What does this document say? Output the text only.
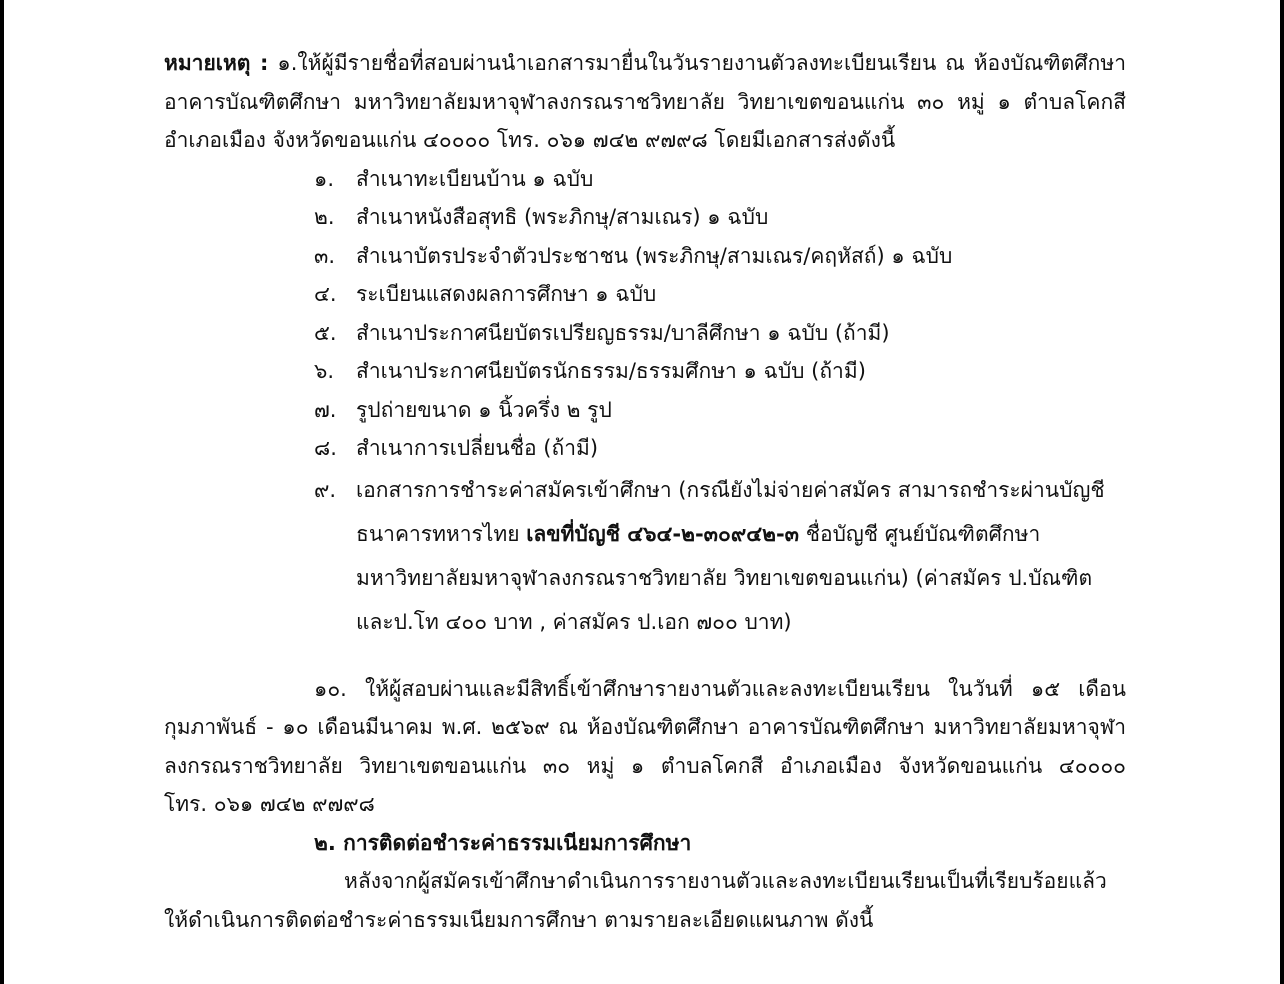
หมายเหตุ : ๑.ให้ผู้มีรายชื่อที่สอบผ่านนำเอกสารมายื่นในวันรายงานตัวลงทะเบียนเรียน ณ ห้องบัณฑิตศึกษา
อาคารบัณฑิตศึกษา มหาวิทยาลัยมหาจุฬาลงกรณราชวิทยาลัย วิทยาเขตขอนแก่น ๓๐ หมู่ ๑ ตำบลโคกสี
อำเภอเมือง จังหวัดขอนแก่น ๔๐๐๐๐ โทร. ๐๖๑ ๗๔๒ ๙๗๙๘ โดยมีเอกสารส่งดังนี้
๑. สำเนาทะเบียนบ้าน ๑ ฉบับ
๒. สำเนาหนังสือสุทธิ (พระภิกษุ/สามเณร) ๑ ฉบับ
๓. สำเนาบัตรประจำตัวประชาชน (พระภิกษุ/สามเณร/คฤหัสถ์) ๑ ฉบับ
๔. ระเบียนแสดงผลการศึกษา ๑ ฉบับ
๕. สำเนาประกาศนียบัตรเปรียญธรรม/บาลีศึกษา ๑ ฉบับ (ถ้ามี)
๖. สำเนาประกาศนียบัตรนักธรรม/ธรรมศึกษา ๑ ฉบับ (ถ้ามี)
๗. รูปถ่ายขนาด ๑ นิ้วครึ่ง ๒ รูป
๘. สำเนาการเปลี่ยนชื่อ (ถ้ามี)
๙. เอกสารการชำระค่าสมัครเข้าศึกษา (กรณียังไม่จ่ายค่าสมัคร สามารถชำระผ่านบัญชี
ธนาคารทหารไทย เลขที่บัญชี ๔๖๔-๒-๓๐๙๔๒-๓ ชื่อบัญชี ศูนย์บัณฑิตศึกษา
มหาวิทยาลัยมหาจุฬาลงกรณราชวิทยาลัย วิทยาเขตขอนแก่น) (ค่าสมัคร ป.บัณฑิต
และป.โท ๔๐๐ บาท , ค่าสมัคร ป.เอก ๗๐๐ บาท)
๑๐. ให้ผู้สอบผ่านและมีสิทธิ์เข้าศึกษารายงานตัวและลงทะเบียนเรียน ในวันที่ ๑๕ เดือน
กุมภาพันธ์ - ๑๐ เดือนมีนาคม พ.ศ. ๒๕๖๙ ณ ห้องบัณฑิตศึกษา อาคารบัณฑิตศึกษา มหาวิทยาลัยมหาจุฬา
ลงกรณราชวิทยาลัย วิทยาเขตขอนแก่น ๓๐ หมู่ ๑ ตำบลโคกสี อำเภอเมือง จังหวัดขอนแก่น ๔๐๐๐๐
โทร. ๐๖๑ ๗๔๒ ๙๗๙๘
๒. การติดต่อชำระค่าธรรมเนียมการศึกษา
หลังจากผู้สมัครเข้าศึกษาดำเนินการรายงานตัวและลงทะเบียนเรียนเป็นที่เรียบร้อยแล้ว
ให้ดำเนินการติดต่อชำระค่าธรรมเนียมการศึกษา ตามรายละเอียดแผนภาพ ดังนี้
